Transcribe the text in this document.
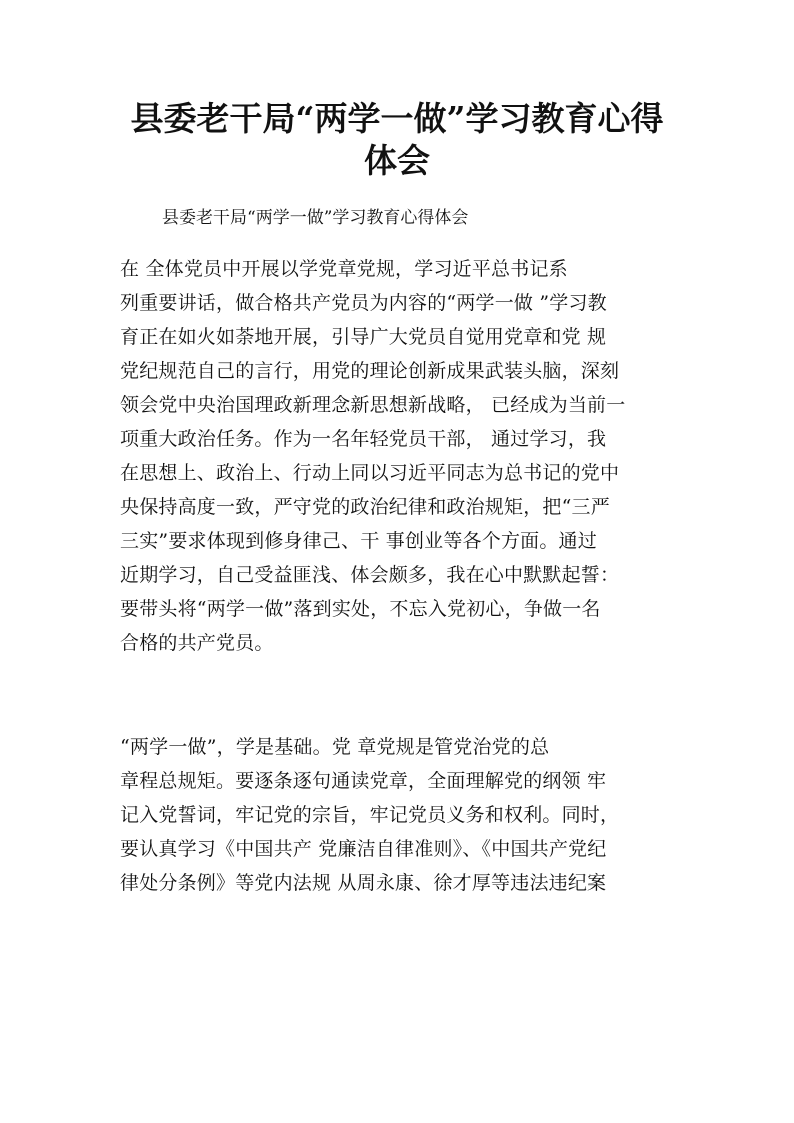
县委老干局“两学一做”学习教育心得
体会

县委老干局“两学一做”学习教育心得体会

在 全体党员中开展以学党章党规，学习近平总书记系
列重要讲话，做合格共产党员为内容的“两学一做 ”学习教
育正在如火如荼地开展，引导广大党员自觉用党章和党 规
党纪规范自己的言行，用党的理论创新成果武装头脑，深刻
领会党中央治国理政新理念新思想新战略， 已经成为当前一
项重大政治任务。作为一名年轻党员干部， 通过学习，我
在思想上、政治上、行动上同以习近平同志为总书记的党中
央保持高度一致，严守党的政治纪律和政治规矩，把“三严
三实”要求体现到修身律己、干 事创业等各个方面。通过
近期学习，自己受益匪浅、体会颇多，我在心中默默起誓：
要带头将“两学一做”落到实处，不忘入党初心，争做一名
合格的共产党员。
“两学一做”，学是基础。党 章党规是管党治党的总
章程总规矩。要逐条逐句通读党章，全面理解党的纲领 牢
记入党誓词，牢记党的宗旨，牢记党员义务和权利。同时，
要认真学习《中国共产 党廉洁自律准则》、《中国共产党纪
律处分条例》等党内法规 从周永康、徐才厚等违法违纪案
